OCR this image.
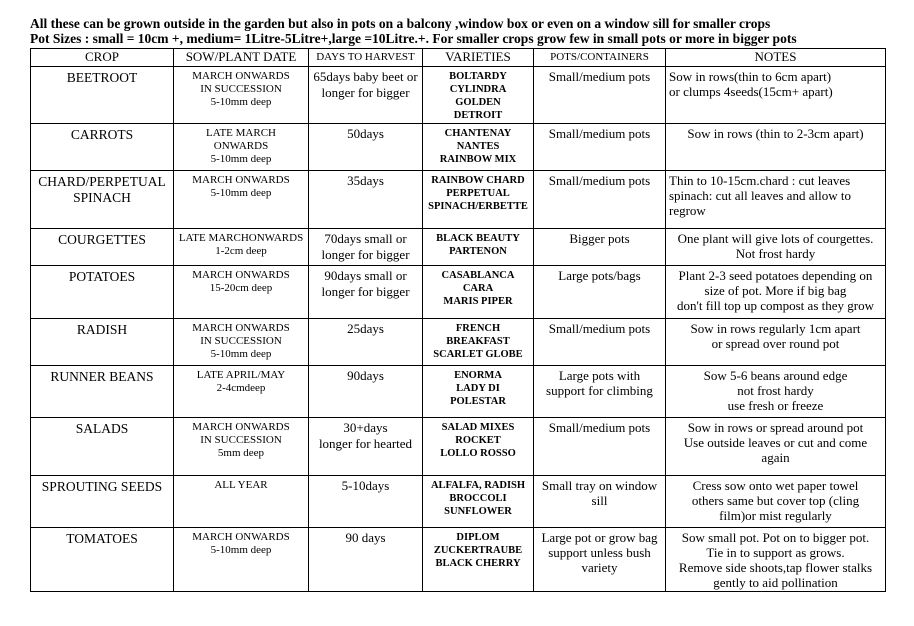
All these can be grown outside in the garden but also in pots on a balcony ,window box or even on a window sill for smaller crops
Pot Sizes : small = 10cm +, medium= 1Litre-5Litre+,large =10Litre.+. For smaller crops grow few in small pots or more in bigger pots
CROP	SOW/PLANT DATE	DAYS TO HARVEST	VARIETIES	POTS/CONTAINERS	NOTES
BEETROOT	MARCH ONWARDS
IN SUCCESSION
5-10mm deep	65days baby beet or
longer for bigger	BOLTARDY
CYLINDRA
GOLDEN
DETROIT	Small/medium pots	Sow in rows(thin to 6cm apart)
or clumps 4seeds(15cm+ apart)
CARROTS	LATE MARCH
ONWARDS
5-10mm deep	50days	CHANTENAY
NANTES
RAINBOW MIX	Small/medium pots	Sow in rows (thin to 2-3cm apart)
CHARD/PERPETUAL
SPINACH	MARCH ONWARDS
5-10mm deep	35days	RAINBOW CHARD
PERPETUAL
SPINACH/ERBETTE	Small/medium pots	Thin to 10-15cm.chard : cut leaves
spinach: cut all leaves and allow to
regrow
COURGETTES	LATE MARCHONWARDS
1-2cm deep	70days small or
longer for bigger	BLACK BEAUTY
PARTENON	Bigger pots	One plant will give lots of courgettes.
Not frost hardy
POTATOES	MARCH ONWARDS
15-20cm deep	90days small or
longer for bigger	CASABLANCA
CARA
MARIS PIPER	Large pots/bags	Plant 2-3 seed potatoes depending on
size of pot. More if big bag
don't fill top up compost as they grow
RADISH	MARCH ONWARDS
IN SUCCESSION
5-10mm deep	25days	FRENCH
BREAKFAST
SCARLET GLOBE	Small/medium pots	Sow in rows regularly 1cm apart
or spread over round pot
RUNNER BEANS	LATE APRIL/MAY
2-4cmdeep	90days	ENORMA
LADY DI
POLESTAR	Large pots with
support for climbing	Sow 5-6 beans around edge
not frost hardy
use fresh or freeze
SALADS	MARCH ONWARDS
IN SUCCESSION
5mm deep	30+days
longer for hearted	SALAD MIXES
ROCKET
LOLLO ROSSO	Small/medium pots	Sow in rows or spread around pot
Use outside leaves or cut and come
again
SPROUTING SEEDS	ALL YEAR	5-10days	ALFALFA, RADISH
BROCCOLI
SUNFLOWER	Small tray on window
sill	Cress sow onto wet paper towel
others same but cover top (cling
film)or mist regularly
TOMATOES	MARCH ONWARDS
5-10mm deep	90 days	DIPLOM
ZUCKERTRAUBE
BLACK CHERRY	Large pot or grow bag
support unless bush
variety	Sow small pot. Pot on to bigger pot.
Tie in to support as grows.
Remove side shoots,tap flower stalks
gently to aid pollination
